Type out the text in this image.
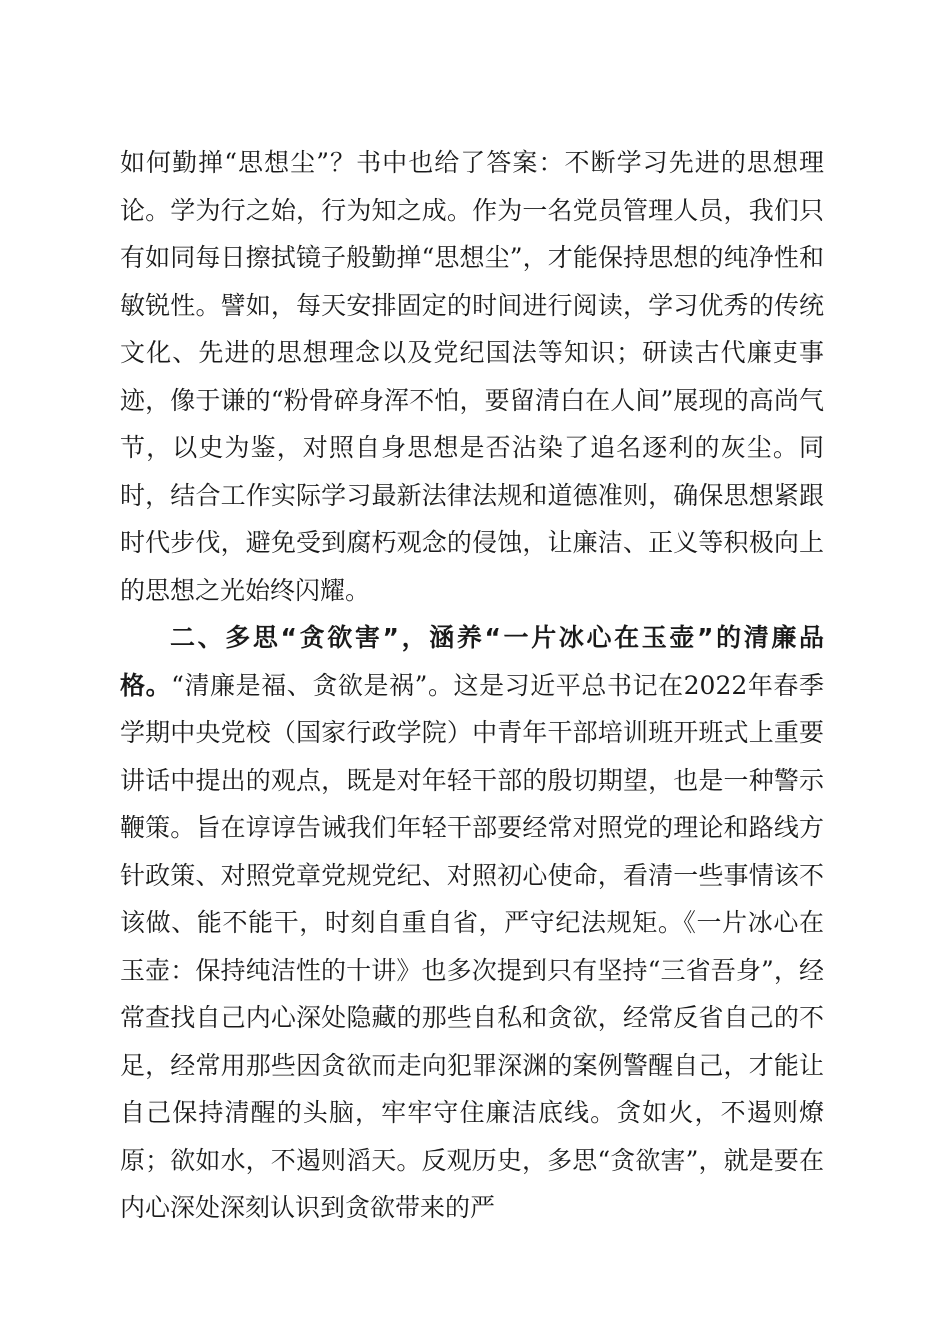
如何勤掸“思想尘”？书中也给了答案：不断学习先进的思想理论。学为行之始，行为知之成。作为一名党员管理人员，我们只有如同每日擦拭镜子般勤掸“思想尘”，才能保持思想的纯净性和敏锐性。譬如，每天安排固定的时间进行阅读，学习优秀的传统文化、先进的思想理念以及党纪国法等知识；研读古代廉吏事迹，像于谦的“粉骨碎身浑不怕，要留清白在人间”展现的高尚气节，以史为鉴，对照自身思想是否沾染了追名逐利的灰尘。同时，结合工作实际学习最新法律法规和道德准则，确保思想紧跟时代步伐，避免受到腐朽观念的侵蚀，让廉洁、正义等积极向上的思想之光始终闪耀。

二、多思“贪欲害”，涵养“一片冰心在玉壶”的清廉品格。“清廉是福、贪欲是祸”。这是习近平总书记在2022年春季学期中央党校（国家行政学院）中青年干部培训班开班式上重要讲话中提出的观点，既是对年轻干部的殷切期望，也是一种警示鞭策。旨在谆谆告诫我们年轻干部要经常对照党的理论和路线方针政策、对照党章党规党纪、对照初心使命，看清一些事情该不该做、能不能干，时刻自重自省，严守纪法规矩。《一片冰心在玉壶：保持纯洁性的十讲》也多次提到只有坚持“三省吾身”，经常查找自己内心深处隐藏的那些自私和贪欲，经常反省自己的不足，经常用那些因贪欲而走向犯罪深渊的案例警醒自己，才能让自己保持清醒的头脑，牢牢守住廉洁底线。贪如火，不遏则燎原；欲如水，不遏则滔天。反观历史，多思“贪欲害”，就是要在内心深处深刻认识到贪欲带来的严
